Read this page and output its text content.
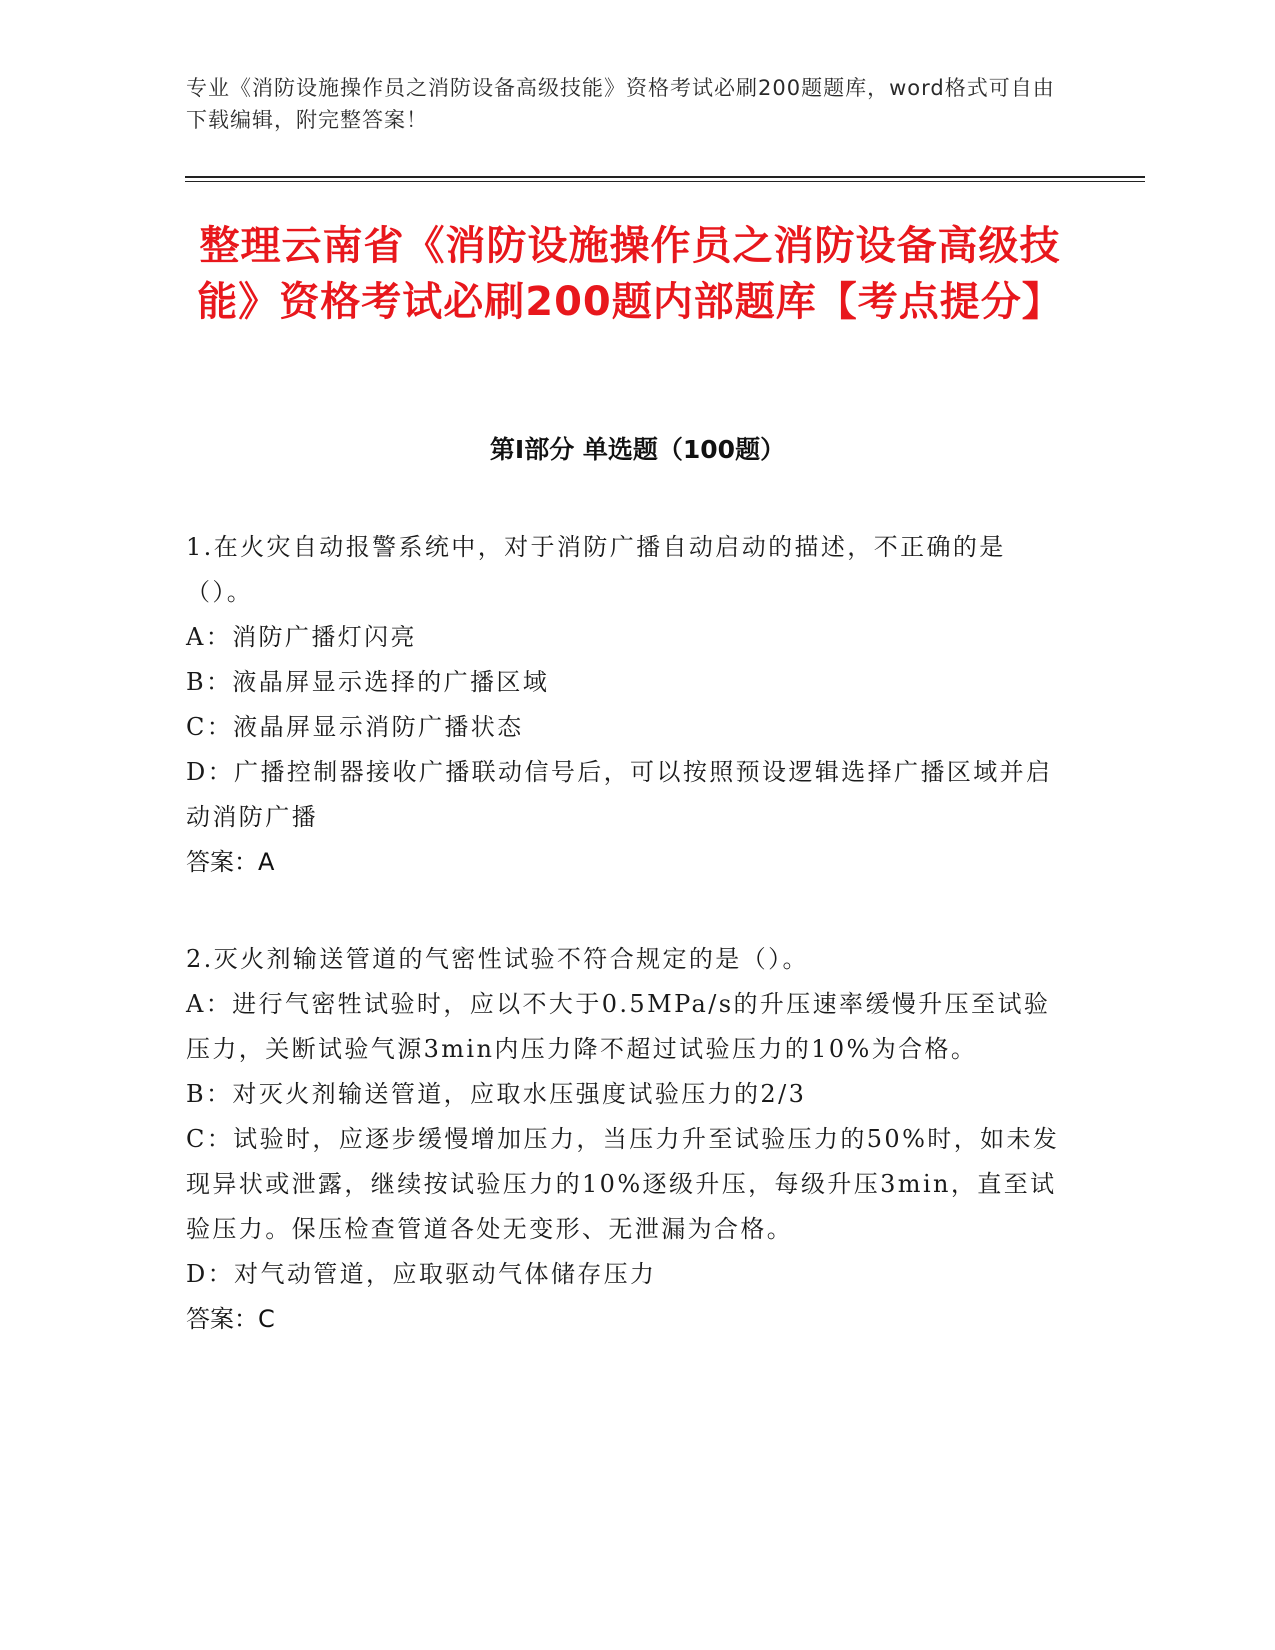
专业《消防设施操作员之消防设备高级技能》资格考试必刷200题题库，word格式可自由下载编辑，附完整答案！
整理云南省《消防设施操作员之消防设备高级技能》资格考试必刷200题内部题库【考点提分】
第Ⅰ部分 单选题（100题）

1.在火灾自动报警系统中，对于消防广播自动启动的描述，不正确的是（）。

A：消防广播灯闪亮

B：液晶屏显示选择的广播区域

C：液晶屏显示消防广播状态

D：广播控制器接收广播联动信号后，可以按照预设逻辑选择广播区域并启动消防广播

答案：A

2.灭火剂输送管道的气密性试验不符合规定的是（）。

A：进行气密牲试验时，应以不大于0.5MPa/s的升压速率缓慢升压至试验压力，关断试验气源3min内压力降不超过试验压力的10%为合格。

B：对灭火剂输送管道，应取水压强度试验压力的2/3

C：试验时，应逐步缓慢增加压力，当压力升至试验压力的50%时，如未发现异状或泄露，继续按试验压力的10%逐级升压，每级升压3min，直至试验压力。保压检查管道各处无变形、无泄漏为合格。

D：对气动管道，应取驱动气体储存压力

答案：C
